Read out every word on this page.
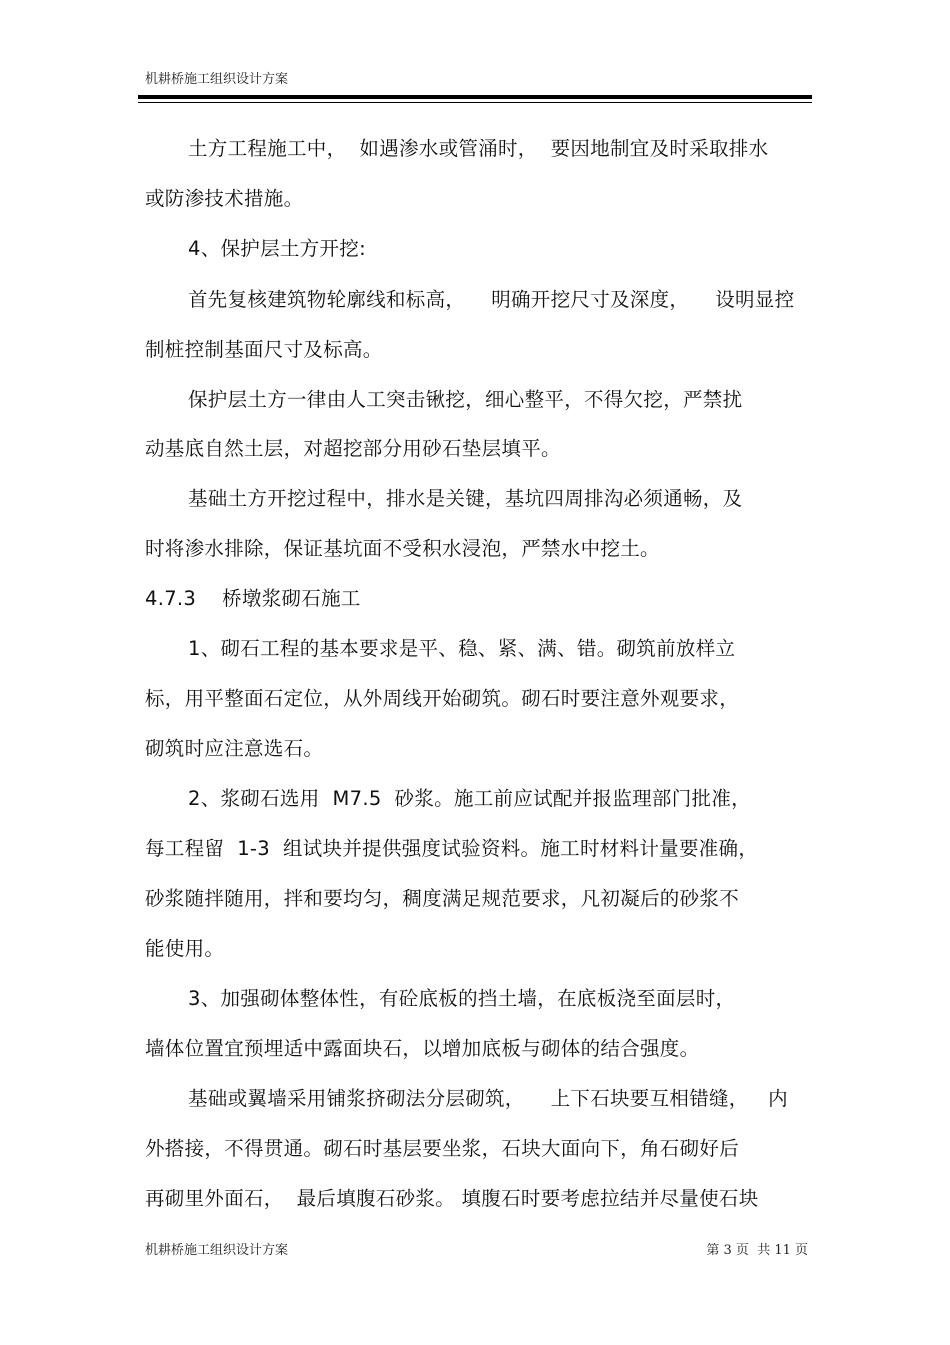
机耕桥施工组织设计方案
土方工程施工中，  如遇渗水或管涌时，  要因地制宜及时采取排水
或防渗技术措施。
4、保护层土方开挖:
首先复核建筑物轮廓线和标高，    明确开挖尺寸及深度，    设明显控
制桩控制基面尺寸及标高。
保护层土方一律由人工突击锹挖，细心整平，不得欠挖，严禁扰
动基底自然土层，对超挖部分用砂石垫层填平。
基础土方开挖过程中，排水是关键，基坑四周排沟必须通畅，及
时将渗水排除，保证基坑面不受积水浸泡，严禁水中挖土。
4.7.3    桥墩浆砌石施工
1、砌石工程的基本要求是平、稳、紧、满、错。砌筑前放样立
标，用平整面石定位，从外周线开始砌筑。砌石时要注意外观要求，
砌筑时应注意选石。
2、浆砌石选用  M7.5  砂浆。施工前应试配并报监理部门批准，
每工程留  1-3  组试块并提供强度试验资料。施工时材料计量要准确，
砂浆随拌随用，拌和要均匀，稠度满足规范要求，凡初凝后的砂浆不
能使用。
3、加强砌体整体性，有砼底板的挡土墙，在底板浇至面层时，
墙体位置宜预埋适中露面块石，以增加底板与砌体的结合强度。
基础或翼墙采用铺浆挤砌法分层砌筑，    上下石块要互相错缝，   内
外搭接，不得贯通。砌石时基层要坐浆，石块大面向下，角石砌好后
再砌里外面石，  最后填腹石砂浆。 填腹石时要考虑拉结并尽量使石块
机耕桥施工组织设计方案	第 3 页  共 11 页
